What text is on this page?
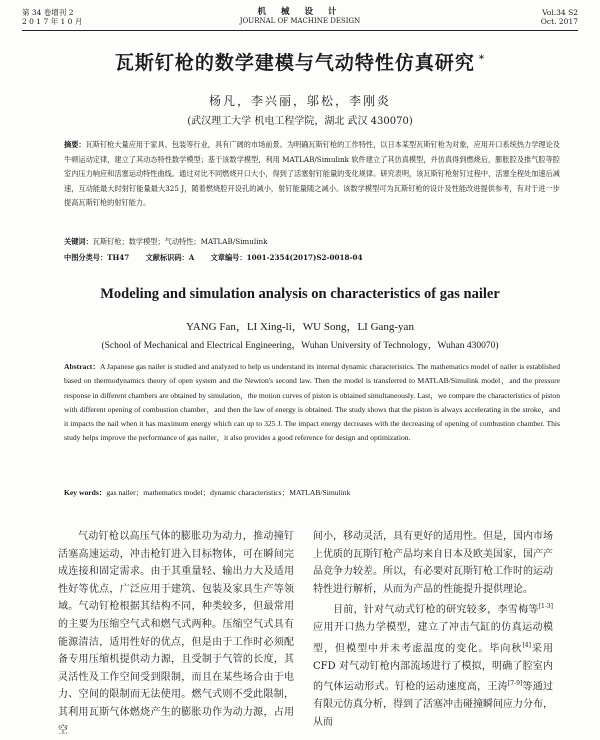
第 34 卷增刊 2
2 0 1 7 年 1 0 月
机 械 设 计
JOURNAL OF MACHINE DESIGN
Vol.34 S2
Oct. 2017
瓦斯钉枪的数学建模与气动特性仿真研究 *
杨凡，李兴丽，邬松，李刚炎
(武汉理工大学 机电工程学院，湖北 武汉 430070)
摘要：瓦斯钉枪大量应用于家具、包装等行业，具有广阔的市场前景。为明确瓦斯钉枪的工作特性，以日本某型瓦斯钉枪为对象，应用开口系统热力学理论及牛顿运动定律，建立了其动态特性数学模型；基于该数学模型，利用 MATLAB/Simulink 软件建立了其仿真模型，并仿真得到燃烧后，膨胀腔及推气腔等腔室内压力响应和活塞运动特性曲线。通过对比不同燃烧开口大小，得到了活塞射钉能量的变化规律。研究表明，该瓦斯钉枪射钉过程中，活塞全程处加速后减速，互动能最大时射钉能量最大325 J，随着燃烧腔开设孔的减小，射钉能量随之减小。该数学模型可为瓦斯钉枪的设计及性能改进提供参考，有对于进一步提高瓦斯钉枪的射钉能力。
关键词：瓦斯钉枪；数学模型；气动特性；MATLAB/Simulink
中图分类号：TH47 文献标识码：A 文章编号：1001-2354(2017)S2-0018-04
Modeling and simulation analysis on characteristics of gas nailer
YANG Fan，LI Xing-li，WU Song，LI Gang-yan
(School of Mechanical and Electrical Engineering，Wuhan University of Technology，Wuhan 430070)
Abstract：A Japanese gas nailer is studied and analyzed to help us understand its internal dynamic characteristics. The mathematics model of nailer is established based on thermodynamics theory of open system and the Newton's second law. Then the model is transferred to MATLAB/Simulink model，and the pressure response in different chambers are obtained by simulation，the motion curves of piston is obtained simultaneously. Last，we compare the characteristics of piston with different opening of combustion chamber，and then the law of energy is obtained. The study shows that the piston is always accelerating in the stroke，and it impacts the nail when it has maximum energy which can up to 325 J. The impact energy decreases with the decreasing of opening of combustion chamber. This study helps improve the performance of gas nailer，it also provides a good reference for design and optimization.
Key words：gas nailer；mathematics model；dynamic characteristics；MATLAB/Simulink

气动钉枪以高压气体的膨胀功为动力，推动撞钉活塞高速运动，冲击枪钉进入目标物体，可在瞬间完成连接和固定需求。由于其重量轻、输出力大及适用性好等优点，广泛应用于建筑、包装及家具生产等领域。气动钉枪根据其结构不同，种类较多，但最常用的主要为压缩空气式和燃气式两种。压缩空气式具有能源清洁，适用性好的优点，但是由于工作时必须配备专用压缩机提供动力源，且受制于气管的长度，其灵活性及工作空间受到限制，而且在某些场合由于电力、空间的限制而无法使用。燃气式则不受此限制，其利用瓦斯气体燃烧产生的膨胀功作为动力源，占用空

间小，移动灵活，具有更好的适用性。但是，国内市场上优质的瓦斯钉枪产品均来自日本及欧美国家，国产产品竞争力较差。所以，有必要对瓦斯钉枪工作时的运动特性进行解析，从而为产品的性能提升提供理论。

目前，针对气动式钉枪的研究较多，李雪梅等[1-3]应用开口热力学模型，建立了冲击气缸的仿真运动模型，但模型中并未考虑温度的变化。毕向秋[4]采用 CFD 对气动钉枪内部流场进行了模拟，明确了腔室内的气体运动形式。钉枪的运动速度高，王涛[7-9]等通过有限元仿真分析，得到了活塞冲击碰撞瞬间应力分布，从而
